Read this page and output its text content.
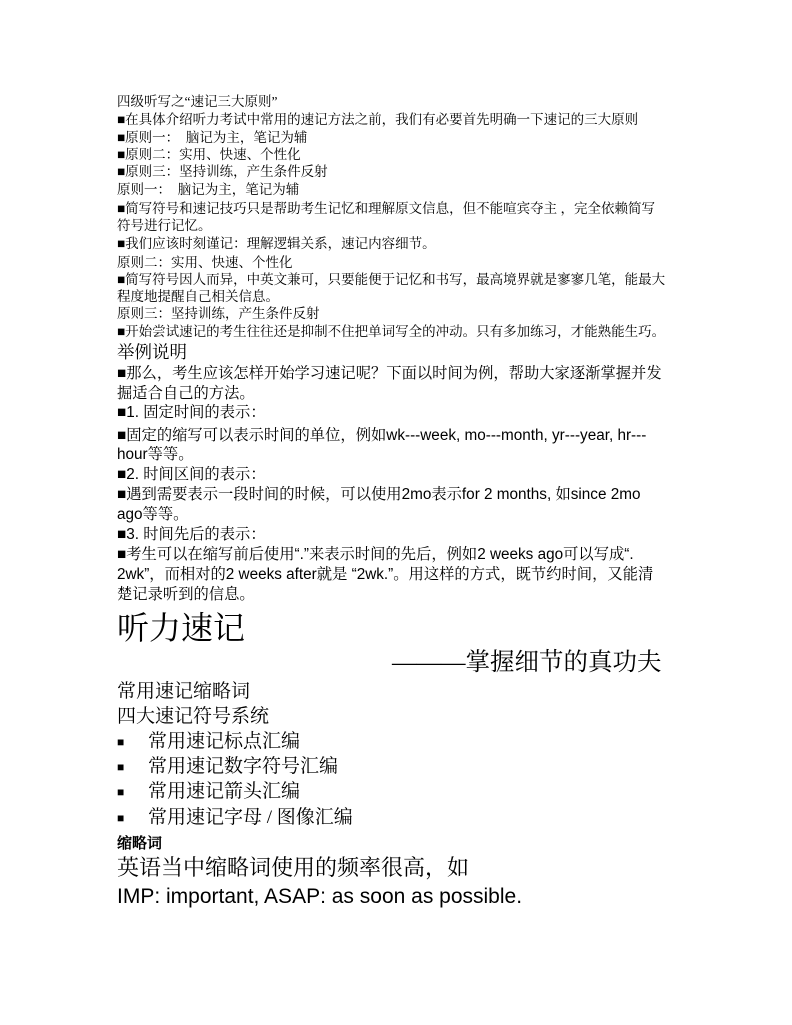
四级听写之“速记三大原则”
■在具体介绍听力考试中常用的速记方法之前，我们有必要首先明确一下速记的三大原则
■原则一：  脑记为主，笔记为辅
■原则二：实用、快速、个性化
■原则三：坚持训练，产生条件反射
原则一：  脑记为主，笔记为辅
■简写符号和速记技巧只是帮助考生记忆和理解原文信息，但不能喧宾夺主 ，完全依赖简写
符号进行记忆。
■我们应该时刻谨记：理解逻辑关系，速记内容细节。
原则二：实用、快速、个性化
■简写符号因人而异，中英文兼可，只要能便于记忆和书写，最高境界就是寥寥几笔，能最大
程度地提醒自己相关信息。
原则三：坚持训练，产生条件反射
■开始尝试速记的考生往往还是抑制不住把单词写全的冲动。只有多加练习，才能熟能生巧。
举例说明
■那么，考生应该怎样开始学习速记呢？下面以时间为例，帮助大家逐渐掌握并发
掘适合自己的方法。
■1. 固定时间的表示：
■固定的缩写可以表示时间的单位，例如wk---week, mo---month, yr---year, hr---
hour等等。
■2. 时间区间的表示：
■遇到需要表示一段时间的时候，可以使用2mo表示for 2 months, 如since 2mo
ago等等。
■3. 时间先后的表示：
■考生可以在缩写前后使用“.”来表示时间的先后，例如2 weeks ago可以写成“.
2wk”，而相对的2 weeks after就是 “2wk.”。用这样的方式，既节约时间，又能清
楚记录听到的信息。
听力速记
———掌握细节的真功夫
常用速记缩略词
四大速记符号系统

■

常用速记标点汇编

■

常用速记数字符号汇编

■

常用速记箭头汇编

■

常用速记字母 / 图像汇编

缩略词
英语当中缩略词使用的频率很高，如
IMP: important, ASAP: as soon as possible.
